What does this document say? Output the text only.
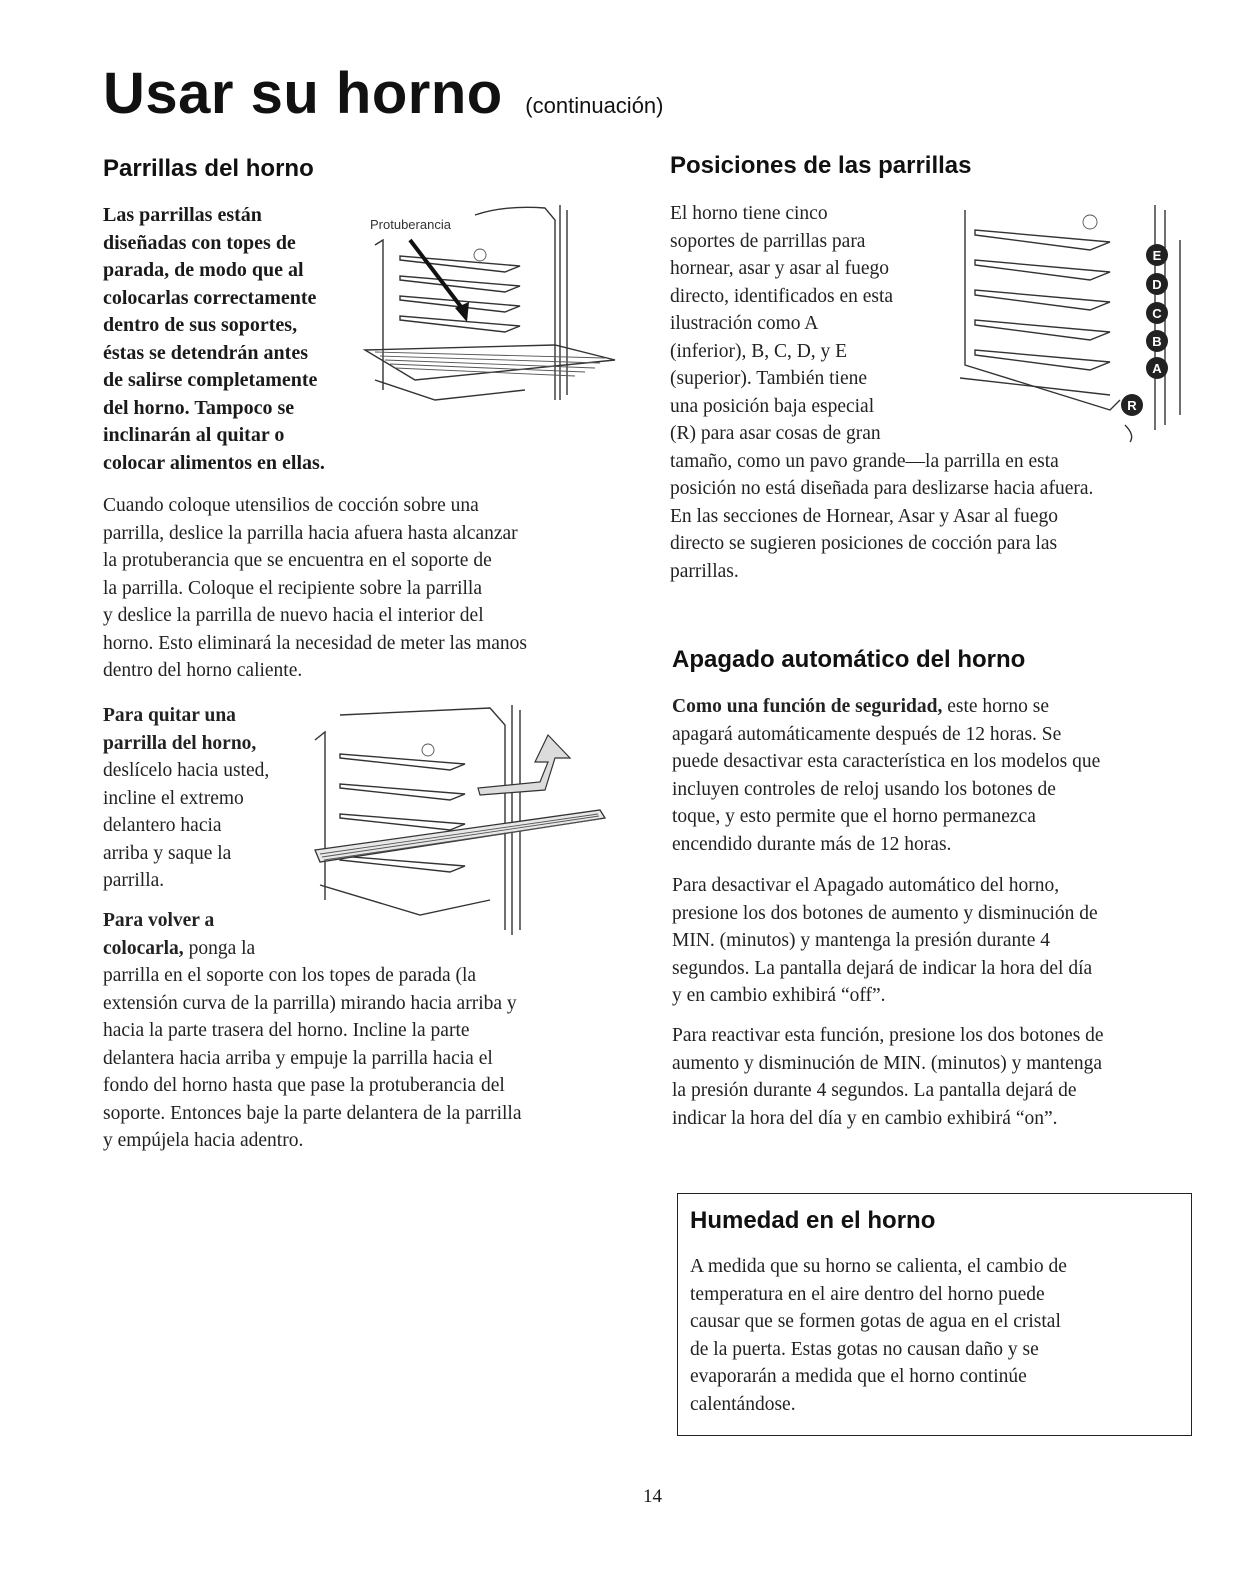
Usar su horno (continuación)
Parrillas del horno
Las parrillas están
diseñadas con topes de
parada, de modo que al
colocarlas correctamente
dentro de sus soportes,
éstas se detendrán antes
de salirse completamente
del horno. Tampoco se
inclinarán al quitar o
colocar alimentos en ellas.
Protuberancia
Cuando coloque utensilios de cocción sobre una
parrilla, deslice la parrilla hacia afuera hasta alcanzar
la protuberancia que se encuentra en el soporte de
la parrilla. Coloque el recipiente sobre la parrilla
y deslice la parrilla de nuevo hacia el interior del
horno. Esto eliminará la necesidad de meter las manos
dentro del horno caliente.
Para quitar una
parrilla del horno,
deslícelo hacia usted,
incline el extremo
delantero hacia
arriba y saque la
parrilla.
Para volver a
colocarla, ponga la
parrilla en el soporte con los topes de parada (la
extensión curva de la parrilla) mirando hacia arriba y
hacia la parte trasera del horno. Incline la parte
delantera hacia arriba y empuje la parrilla hacia el
fondo del horno hasta que pase la protuberancia del
soporte. Entonces baje la parte delantera de la parrilla
y empújela hacia adentro.
Posiciones de las parrillas
El horno tiene cinco
soportes de parrillas para
hornear, asar y asar al fuego
directo, identificados en esta
ilustración como A
(inferior), B, C, D, y E
(superior). También tiene
una posición baja especial
(R) para asar cosas de gran
tamaño, como un pavo grande—la parrilla en esta
posición no está diseñada para deslizarse hacia afuera.
En las secciones de Hornear, Asar y Asar al fuego
directo se sugieren posiciones de cocción para las
parrillas.
E
D
C
B
A
R
Apagado automático del horno
Como una función de seguridad, este horno se
apagará automáticamente después de 12 horas. Se
puede desactivar esta característica en los modelos que
incluyen controles de reloj usando los botones de
toque, y esto permite que el horno permanezca
encendido durante más de 12 horas.
Para desactivar el Apagado automático del horno,
presione los dos botones de aumento y disminución de
MIN. (minutos) y mantenga la presión durante 4
segundos. La pantalla dejará de indicar la hora del día
y en cambio exhibirá “off”.
Para reactivar esta función, presione los dos botones de
aumento y disminución de MIN. (minutos) y mantenga
la presión durante 4 segundos. La pantalla dejará de
indicar la hora del día y en cambio exhibirá “on”.
Humedad en el horno
A medida que su horno se calienta, el cambio de
temperatura en el aire dentro del horno puede
causar que se formen gotas de agua en el cristal
de la puerta. Estas gotas no causan daño y se
evaporarán a medida que el horno continúe
calentándose.
14
